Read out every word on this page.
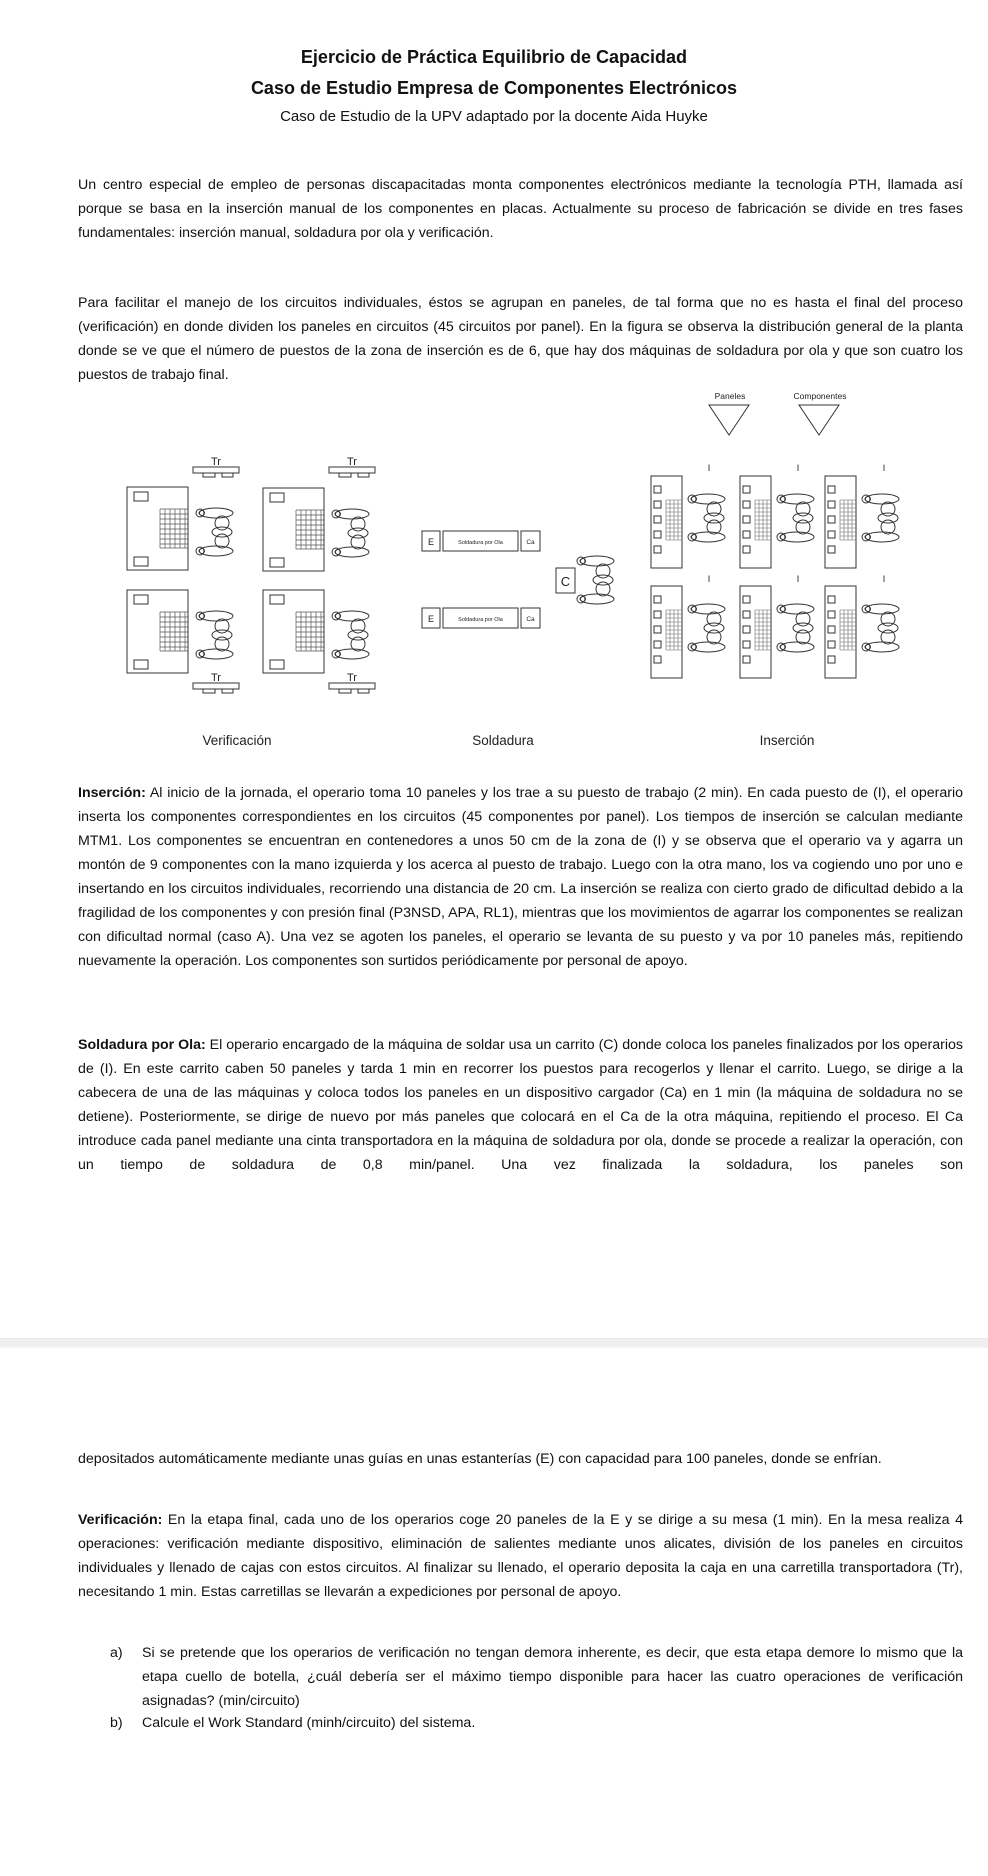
Ejercicio de Práctica Equilibrio de Capacidad
Caso de Estudio Empresa de Componentes Electrónicos
Caso de Estudio de la UPV adaptado por la docente Aida Huyke

Un centro especial de empleo de personas discapacitadas monta componentes electrónicos mediante la tecnología PTH, llamada así porque se basa en la inserción manual de los componentes en placas. Actualmente su proceso de fabricación se divide en tres fases fundamentales: inserción manual, soldadura por ola y verificación.

Para facilitar el manejo de los circuitos individuales, éstos se agrupan en paneles, de tal forma que no es hasta el final del proceso (verificación) en donde dividen los paneles en circuitos (45 circuitos por panel). En la figura se observa la distribución general de la planta donde se ve que el número de puestos de la zona de inserción es de 6, que hay dos máquinas de soldadura por ola y que son cuatro los puestos de trabajo final.

Tr	Tr
Tr	Tr
E	Soldadura por Ola	Ca
E	Soldadura por Ola	Ca
C
Paneles	Componentes
I	I	I
I	I	I
Verificación	Soldadura	Inserción

Inserción: Al inicio de la jornada, el operario toma 10 paneles y los trae a su puesto de trabajo (2 min). En cada puesto de (I), el operario inserta los componentes correspondientes en los circuitos (45 componentes por panel). Los tiempos de inserción se calculan mediante MTM1. Los componentes se encuentran en contenedores a unos 50 cm de la zona de (I) y se observa que el operario va y agarra un montón de 9 componentes con la mano izquierda y los acerca al puesto de trabajo. Luego con la otra mano, los va cogiendo uno por uno e insertando en los circuitos individuales, recorriendo una distancia de 20 cm. La inserción se realiza con cierto grado de dificultad debido a la fragilidad de los componentes y con presión final (P3NSD, APA, RL1), mientras que los movimientos de agarrar los componentes se realizan con dificultad normal (caso A). Una vez se agoten los paneles, el operario se levanta de su puesto y va por 10 paneles más, repitiendo nuevamente la operación. Los componentes son surtidos periódicamente por personal de apoyo.

Soldadura por Ola: El operario encargado de la máquina de soldar usa un carrito (C) donde coloca los paneles finalizados por los operarios de (I). En este carrito caben 50 paneles y tarda 1 min en recorrer los puestos para recogerlos y llenar el carrito. Luego, se dirige a la cabecera de una de las máquinas y coloca todos los paneles en un dispositivo cargador (Ca) en 1 min (la máquina de soldadura no se detiene). Posteriormente, se dirige de nuevo por más paneles que colocará en el Ca de la otra máquina, repitiendo el proceso. El Ca introduce cada panel mediante una cinta transportadora en la máquina de soldadura por ola, donde se procede a realizar la operación, con un tiempo de soldadura de 0,8 min/panel. Una vez finalizada la soldadura, los paneles son

depositados automáticamente mediante unas guías en unas estanterías (E) con capacidad para 100 paneles, donde se enfrían.

Verificación: En la etapa final, cada uno de los operarios coge 20 paneles de la E y se dirige a su mesa (1 min). En la mesa realiza 4 operaciones: verificación mediante dispositivo, eliminación de salientes mediante unos alicates, división de los paneles en circuitos individuales y llenado de cajas con estos circuitos. Al finalizar su llenado, el operario deposita la caja en una carretilla transportadora (Tr), necesitando 1 min. Estas carretillas se llevarán a expediciones por personal de apoyo.

a) Si se pretende que los operarios de verificación no tengan demora inherente, es decir, que esta etapa demore lo mismo que la etapa cuello de botella, ¿cuál debería ser el máximo tiempo disponible para hacer las cuatro operaciones de verificación asignadas? (min/circuito)
b) Calcule el Work Standard (minh/circuito) del sistema.
